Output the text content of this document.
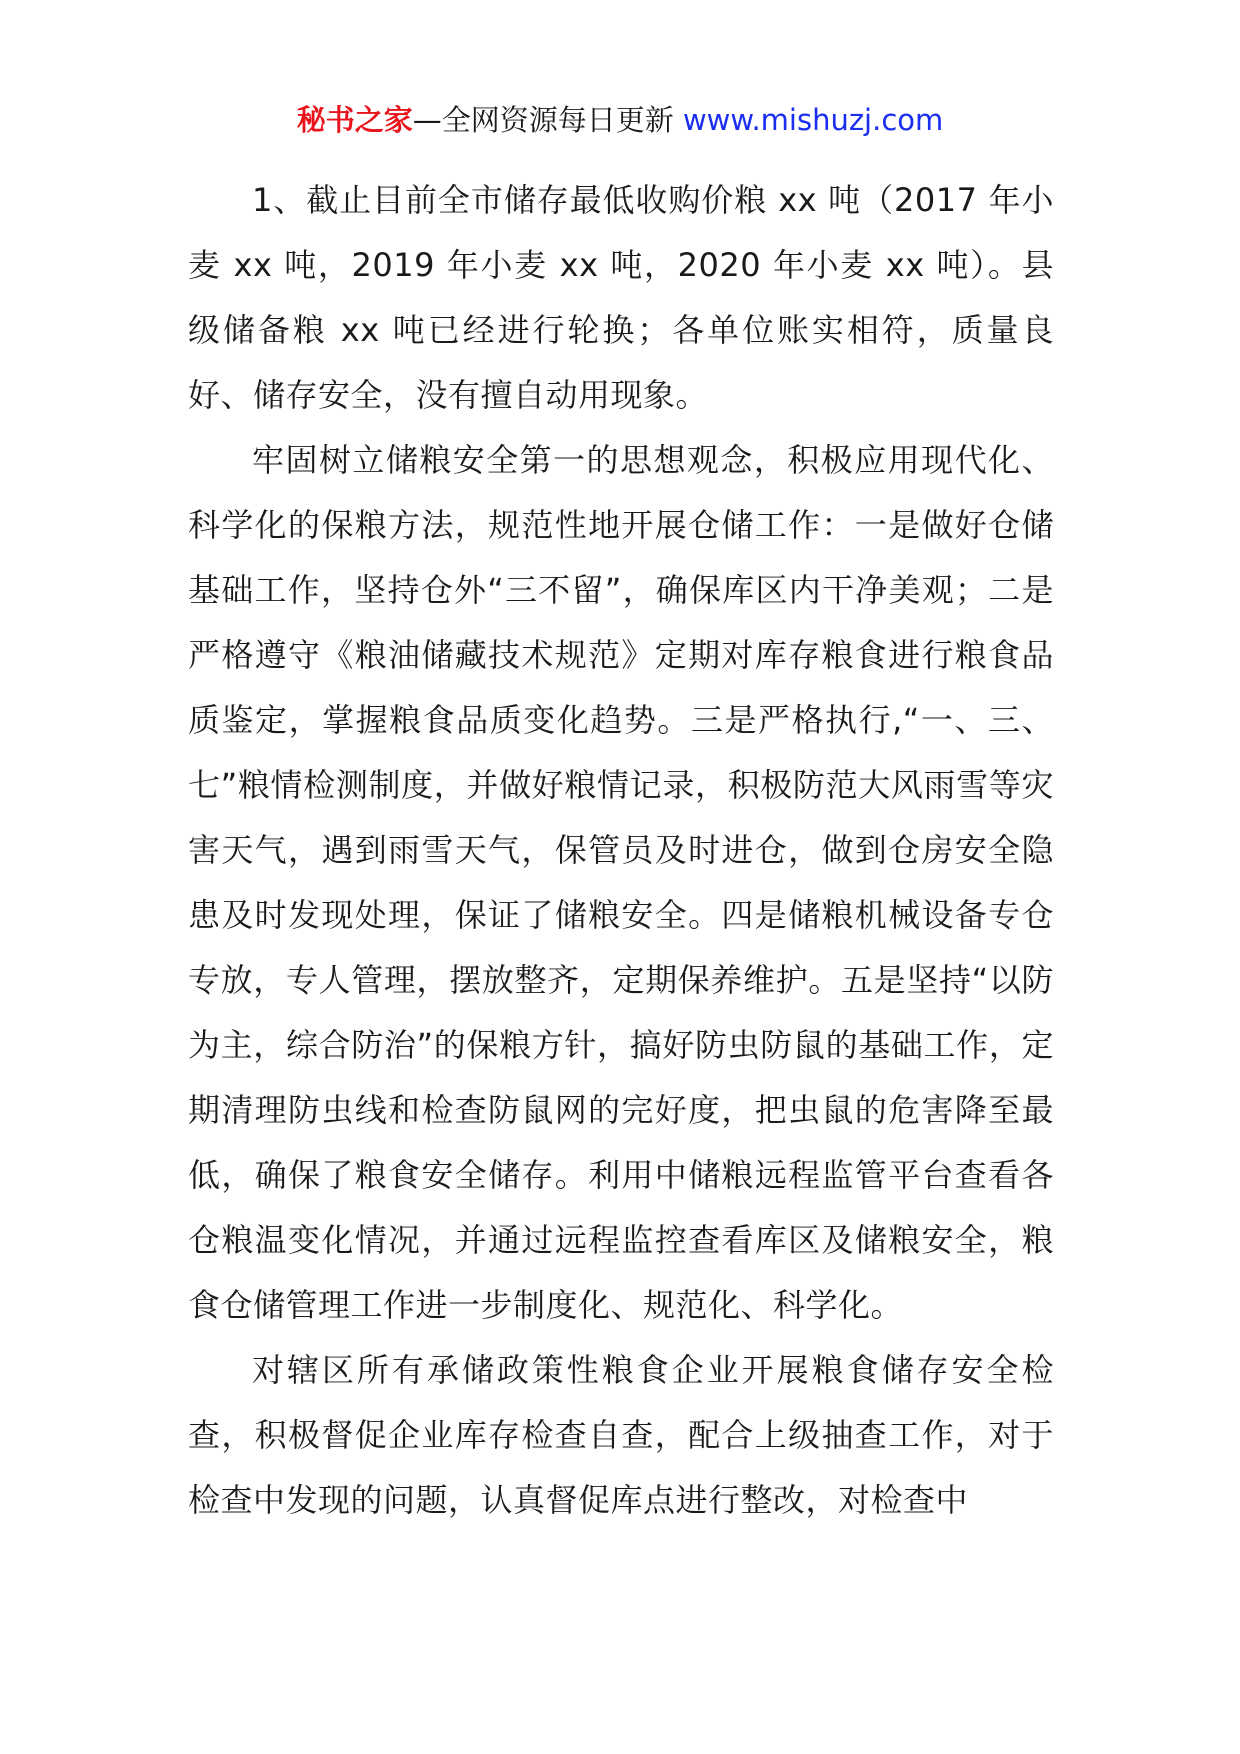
秘书之家—全网资源每日更新 www.mishuzj.com

1、截止目前全市储存最低收购价粮 xx 吨（2017 年小麦 xx 吨，2019 年小麦 xx 吨，2020 年小麦 xx 吨）。县级储备粮 xx 吨已经进行轮换；各单位账实相符，质量良好、储存安全，没有擅自动用现象。

牢固树立储粮安全第一的思想观念，积极应用现代化、科学化的保粮方法，规范性地开展仓储工作：一是做好仓储基础工作，坚持仓外“三不留”，确保库区内干净美观；二是严格遵守《粮油储藏技术规范》定期对库存粮食进行粮食品质鉴定，掌握粮食品质变化趋势。三是严格执行,“一、三、七”粮情检测制度，并做好粮情记录，积极防范大风雨雪等灾害天气，遇到雨雪天气，保管员及时进仓，做到仓房安全隐患及时发现处理，保证了储粮安全。四是储粮机械设备专仓专放，专人管理，摆放整齐，定期保养维护。五是坚持“以防为主，综合防治”的保粮方针，搞好防虫防鼠的基础工作，定期清理防虫线和检查防鼠网的完好度，把虫鼠的危害降至最低，确保了粮食安全储存。利用中储粮远程监管平台查看各仓粮温变化情况，并通过远程监控查看库区及储粮安全，粮食仓储管理工作进一步制度化、规范化、科学化。

对辖区所有承储政策性粮食企业开展粮食储存安全检查，积极督促企业库存检查自查，配合上级抽查工作，对于检查中发现的问题，认真督促库点进行整改，对检查中
